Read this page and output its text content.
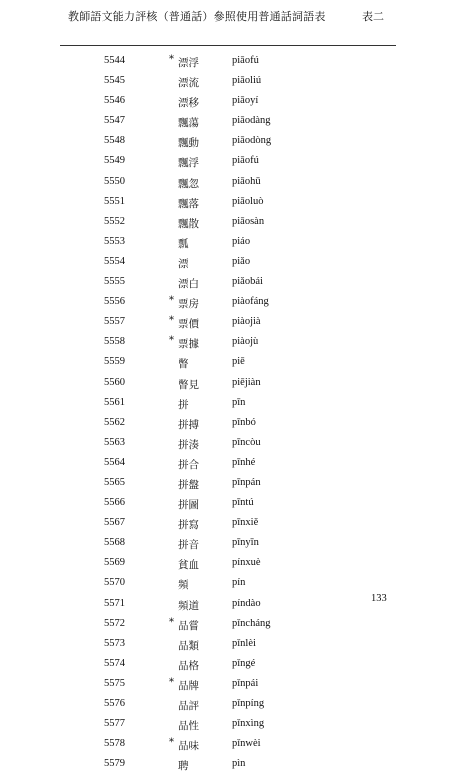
教師語文能力評核（普通話）參照使用普通話詞語表	表二
5544	* 漂浮	piāofú
5545	漂流	piāoliú
5546	漂移	piāoyí
5547	飄蕩	piāodàng
5548	飄動	piāodòng
5549	飄浮	piāofú
5550	飄忽	piāohū
5551	飄落	piāoluò
5552	飄散	piāosàn
5553	瓢	piáo
5554	漂	piǎo
5555	漂白	piǎobái
5556	* 票房	piàofáng
5557	* 票價	piàojià
5558	* 票據	piàojù
5559	瞥	piē
5560	瞥見	piējiàn
5561	拼	pīn
5562	拼搏	pīnbó
5563	拼湊	pīncòu
5564	拼合	pīnhé
5565	拼盤	pīnpán
5566	拼圖	pīntú
5567	拼寫	pīnxiě
5568	拼音	pīnyīn
5569	貧血	pínxuè
5570	頻	pín
5571	頻道	píndào
5572	* 品嘗	pǐncháng
5573	品類	pǐnlèi
5574	品格	pǐngé
5575	* 品牌	pǐnpái
5576	品評	pǐnpíng
5577	品性	pǐnxìng
5578	* 品味	pǐnwèi
5579	聘	pìn
133
